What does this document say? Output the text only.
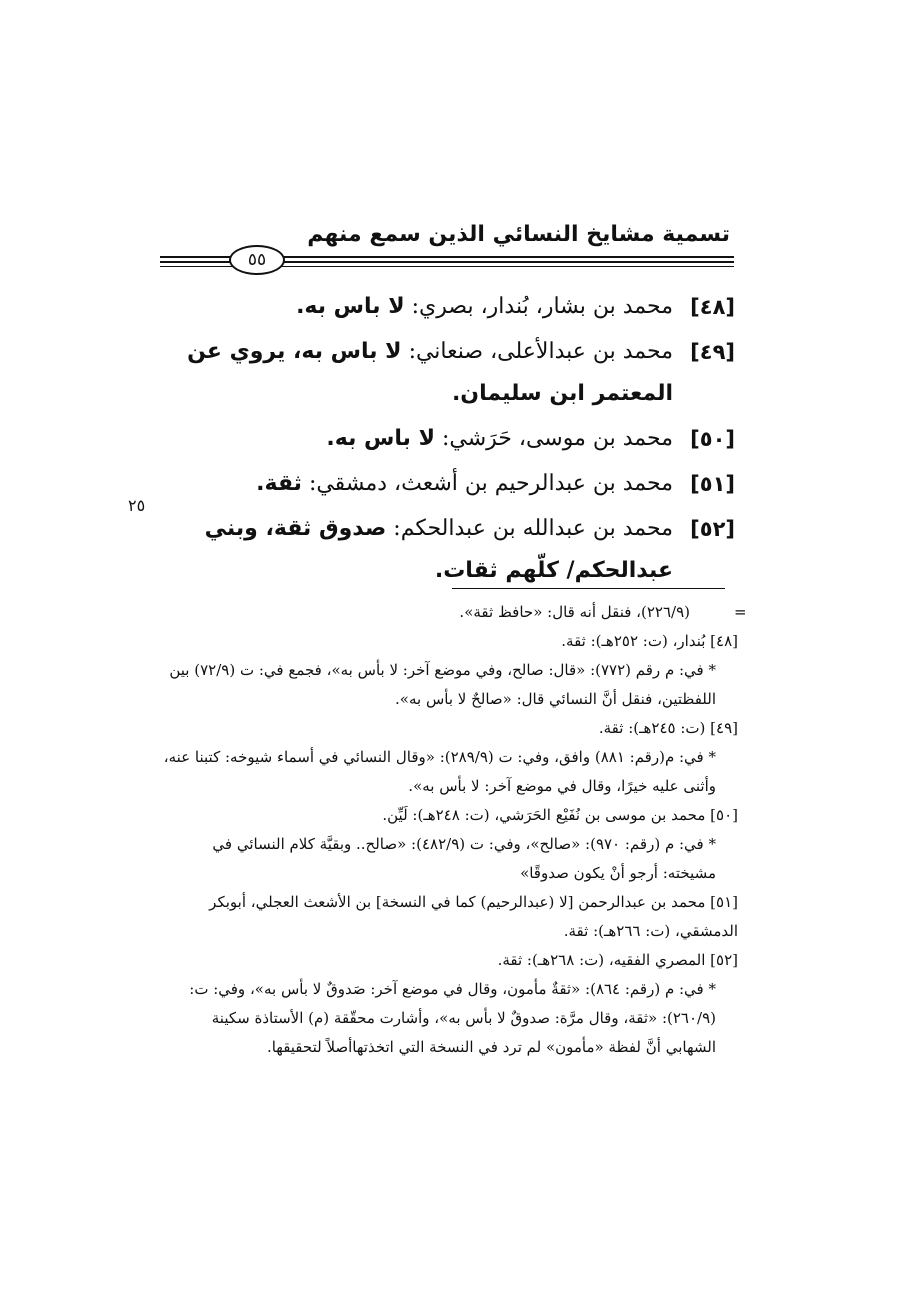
تسمية مشايخ النسائي الذين سمع منهم
٥٥

[٤٨]
محمد بن بشار، بُندار، بصري: لا باس به.

[٤٩]
محمد بن عبدالأعلى، صنعاني: لا باس به، يروي عن المعتمر ابن سليمان.

[٥٠]
محمد بن موسى، حَرَشي: لا باس به.

[٥١]
محمد بن عبدالرحيم بن أشعث، دمشقي: ثقة.

[٥٢]
محمد بن عبدالله بن عبدالحكم: صدوق ثقة، وبني عبدالحكم/ كلّهم ثقات.

٢٥
=

(٢٢٦/٩)، فنقل أنه قال: «حافظ ثقة».

[٤٨] بُندار، (ت: ٢٥٢هـ): ثقة.

* في: م رقم (٧٧٢): «قال: صالح، وفي موضع آخر: لا بأس به»، فجمع في: ت (٧٢/٩) بين اللفظتين، فنقل أنَّ النسائي قال: «صالحٌ لا بأس به».

[٤٩] (ت: ٢٤٥هـ): ثقة.

* في: م(رقم: ٨٨١) وافق، وفي: ت (٢٨٩/٩): «وقال النسائي في أسماء شيوخه: كتبنا عنه، وأثنى عليه خيرًا، وقال في موضع آخر: لا بأس به».

[٥٠] محمد بن موسى بن نُفَيْع الحَرَشي، (ت: ٢٤٨هـ): لَيِّن.

* في: م (رقم: ٩٧٠): «صالح»، وفي: ت (٤٨٢/٩): «صالح.. وبقيَّة كلام النسائي في مشيخته: أرجو أنْ يكون صدوقًا»

[٥١] محمد بن عبدالرحمن [لا (عبدالرحيم) كما في النسخة] بن الأشعث العجلي، أبوبكر الدمشقي، (ت: ٢٦٦هـ): ثقة.

[٥٢] المصري الفقيه، (ت: ٢٦٨هـ): ثقة.

* في: م (رقم: ٨٦٤): «ثقةٌ مأمون، وقال في موضع آخر: صَدوقٌ لا بأس به»، وفي: ت: (٢٦٠/٩): «ثقة، وقال مرَّة: صدوقٌ لا بأس به»، وأشارت محقّقة (م) الأستاذة سكينة الشهابي أنَّ لفظة «مأمون» لم ترد في النسخة التي اتخذتهاأصلاً لتحقيقها.
